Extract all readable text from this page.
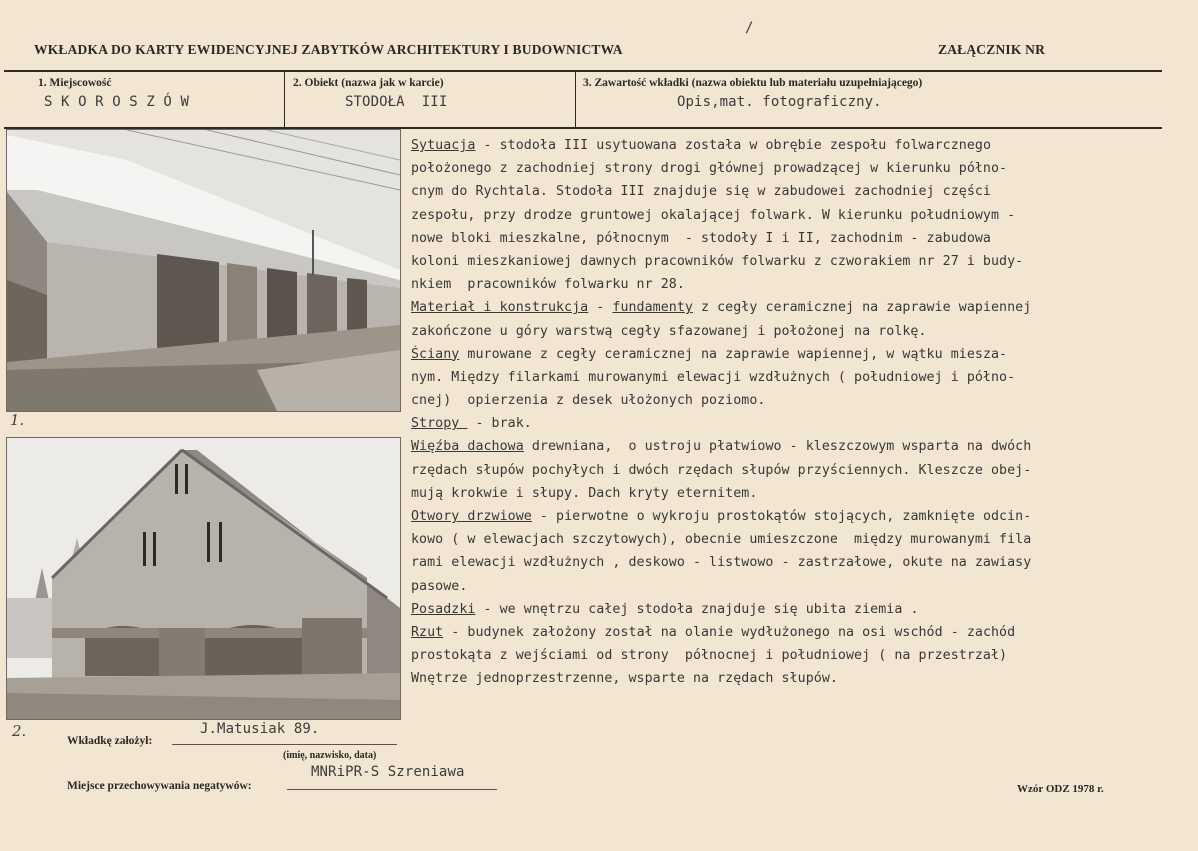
WKŁADKA DO KARTY EWIDENCYJNEJ ZABYTKÓW ARCHITEKTURY I BUDOWNICTWA	ZAŁĄCZNIK NR
/
1. Miejscowość
S K O R O S Z Ó W
2. Obiekt (nazwa jak w karcie)
STODOŁA  III
3. Zawartość wkładki (nazwa obiektu lub materiału uzupełniającego)
Opis,mat. fotograficzny.
1.
2.
Sytuacja - stodoła III usytuowana została w obrębie zespołu folwarcznego
położonego z zachodniej strony drogi głównej prowadzącej w kierunku półno-
cnym do Rychtala. Stodoła III znajduje się w zabudowei zachodniej części
zespołu, przy drodze gruntowej okalającej folwark. W kierunku południowym -
nowe bloki mieszkalne, północnym  - stodoły I i II, zachodnim - zabudowa
koloni mieszkaniowej dawnych pracowników folwarku z czworakiem nr 27 i budy-
nkiem  pracowników folwarku nr 28.
Materiał i konstrukcja - fundamenty z cegły ceramicznej na zaprawie wapiennej
zakończone u góry warstwą cegły sfazowanej i położonej na rolkę.
Ściany murowane z cegły ceramicznej na zaprawie wapiennej, w wątku miesza-
nym. Między filarkami murowanymi elewacji wzdłużnych ( południowej i półno-
cnej)  opierzenia z desek ułożonych poziomo.
Stropy  - brak.
Więźba dachowa drewniana,  o ustroju płatwiowo - kleszczowym wsparta na dwóch
rzędach słupów pochyłych i dwóch rzędach słupów przyściennych. Kleszcze obej-
mują krokwie i słupy. Dach kryty eternitem.
Otwory drzwiowe - pierwotne o wykroju prostokątów stojących, zamknięte odcin-
kowo ( w elewacjach szczytowych), obecnie umieszczone  między murowanymi fila
rami elewacji wzdłużnych , deskowo - listwowo - zastrzałowe, okute na zawiasy
pasowe.
Posadzki - we wnętrzu całej stodoła znajduje się ubita ziemia .
Rzut - budynek założony został na olanie wydłużonego na osi wschód - zachód
prostokąta z wejściami od strony  północnej i południowej ( na przestrzał)
Wnętrze jednoprzestrzenne, wsparte na rzędach słupów.
Wkładkę założył:
J.Matusiak 89.
(imię, nazwisko, data)
Miejsce przechowywania negatywów:
MNRiPR-S Szreniawa
Wzór ODZ 1978 r.
